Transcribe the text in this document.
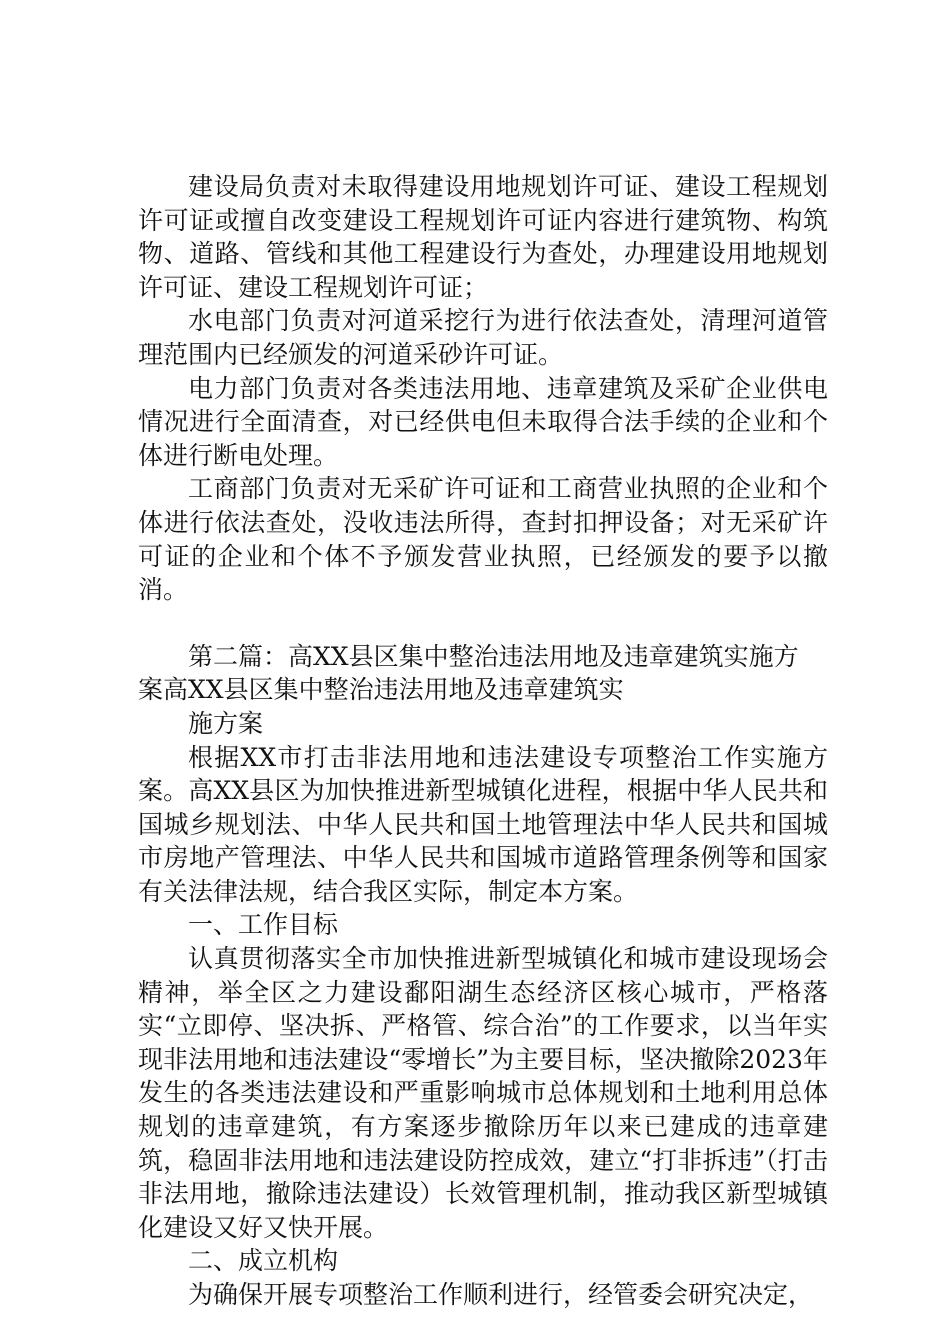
建设局负责对未取得建设用地规划许可证、建设工程规划许可证或擅自改变建设工程规划许可证内容进行建筑物、构筑物、道路、管线和其他工程建设行为查处，办理建设用地规划许可证、建设工程规划许可证；

水电部门负责对河道采挖行为进行依法查处，清理河道管理范围内已经颁发的河道采砂许可证。

电力部门负责对各类违法用地、违章建筑及采矿企业供电情况进行全面清查，对已经供电但未取得合法手续的企业和个体进行断电处理。

工商部门负责对无采矿许可证和工商营业执照的企业和个体进行依法查处，没收违法所得，查封扣押设备；对无采矿许可证的企业和个体不予颁发营业执照，已经颁发的要予以撤消。

第二篇：高XX县区集中整治违法用地及违章建筑实施方
案高XX县区集中整治违法用地及违章建筑实
施方案

根据XX市打击非法用地和违法建设专项整治工作实施方案。高XX县区为加快推进新型城镇化进程，根据中华人民共和国城乡规划法、中华人民共和国土地管理法中华人民共和国城市房地产管理法、中华人民共和国城市道路管理条例等和国家有关法律法规，结合我区实际，制定本方案。

一、工作目标

认真贯彻落实全市加快推进新型城镇化和城市建设现场会精神，举全区之力建设鄱阳湖生态经济区核心城市，严格落实“立即停、坚决拆、严格管、综合治”的工作要求，以当年实现非法用地和违法建设“零增长”为主要目标，坚决撤除2023年发生的各类违法建设和严重影响城市总体规划和土地利用总体规划的违章建筑，有方案逐步撤除历年以来已建成的违章建筑，稳固非法用地和违法建设防控成效，建立“打非拆违”（打击非法用地，撤除违法建设）长效管理机制，推动我区新型城镇化建设又好又快开展。

二、成立机构

为确保开展专项整治工作顺利进行，经管委会研究决定，
